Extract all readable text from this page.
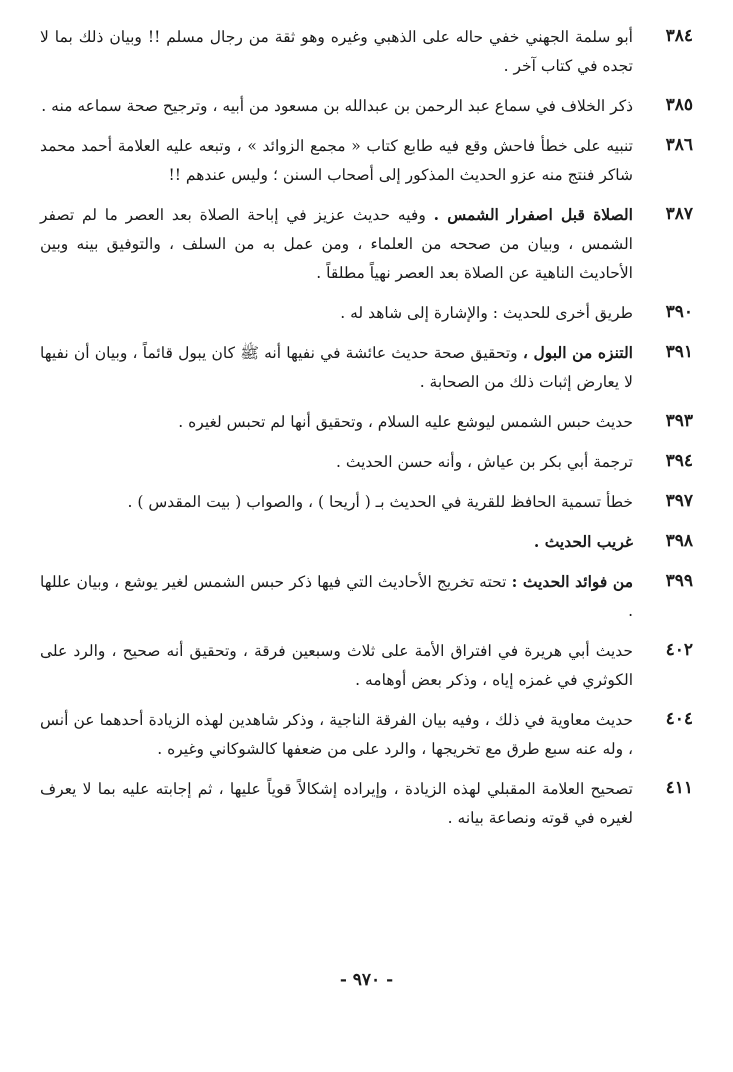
٣٨٤

أبو سلمة الجهني خفي حاله على الذهبي وغيره وهو ثقة من رجال مسلم !! وبيان ذلك بما لا تجده في كتاب آخر .

٣٨٥

ذكر الخلاف في سماع عبد الرحمن بن عبدالله بن مسعود من أبيه ، وترجيح صحة سماعه منه .

٣٨٦

تنبيه على خطأ فاحش وقع فيه طابع كتاب « مجمع الزوائد » ، وتبعه عليه العلامة أحمد محمد شاكر فنتج منه عزو الحديث المذكور إلى أصحاب السنن ؛ وليس عندهم !!

٣٨٧

الصلاة قبل اصفرار الشمس . وفيه حديث عزيز في إباحة الصلاة بعد العصر ما لم تصفر الشمس ، وبيان من صححه من العلماء ، ومن عمل به من السلف ، والتوفيق بينه وبين الأحاديث الناهية عن الصلاة بعد العصر نهياً مطلقاً .

٣٩٠

طريق أخرى للحديث : والإشارة إلى شاهد له .

٣٩١

التنزه من البول ، وتحقيق صحة حديث عائشة في نفيها أنه ﷺ كان يبول قائماً ، وبيان أن نفيها لا يعارض إثبات ذلك من الصحابة .

٣٩٣

حديث حبس الشمس ليوشع عليه السلام ، وتحقيق أنها لم تحبس لغيره .

٣٩٤

ترجمة أبي بكر بن عياش ، وأنه حسن الحديث .

٣٩٧

خطأ تسمية الحافظ للقرية في الحديث بـ ( أريحا ) ، والصواب ( بيت المقدس ) .

٣٩٨

غريب الحديث .

٣٩٩

من فوائد الحديث : تحته تخريج الأحاديث التي فيها ذكر حبس الشمس لغير يوشع ، وبيان عللها .

٤٠٢

حديث أبي هريرة في افتراق الأمة على ثلاث وسبعين فرقة ، وتحقيق أنه صحيح ، والرد على الكوثري في غمزه إياه ، وذكر بعض أوهامه .

٤٠٤

حديث معاوية في ذلك ، وفيه بيان الفرقة الناجية ، وذكر شاهدين لهذه الزيادة أحدهما عن أنس ، وله عنه سبع طرق مع تخريجها ، والرد على من ضعفها كالشوكاني وغيره .

٤١١

تصحيح العلامة المقبلي لهذه الزيادة ، وإيراده إشكالاً قوياً عليها ، ثم إجابته عليه بما لا يعرف لغيره في قوته ونصاعة بيانه .

- ٩٧٠ -
